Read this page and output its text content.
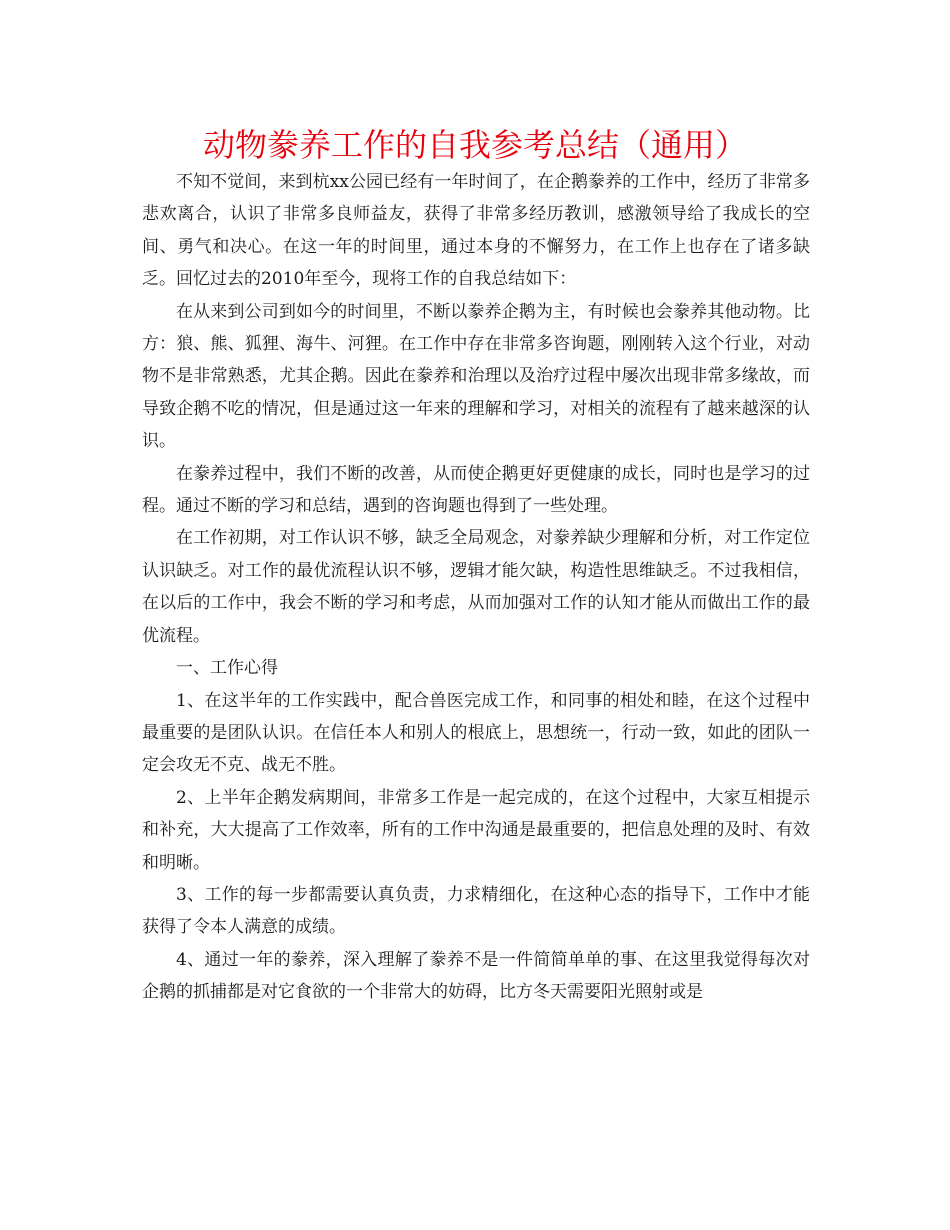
动物豢养工作的自我参考总结（通用）

不知不觉间，来到杭xx公园已经有一年时间了，在企鹅豢养的工作中，经历了非常多悲欢离合，认识了非常多良师益友，获得了非常多经历教训，感激领导给了我成长的空间、勇气和决心。在这一年的时间里，通过本身的不懈努力，在工作上也存在了诸多缺乏。回忆过去的2010年至今，现将工作的自我总结如下：

在从来到公司到如今的时间里，不断以豢养企鹅为主，有时候也会豢养其他动物。比方：狼、熊、狐狸、海牛、河狸。在工作中存在非常多咨询题，刚刚转入这个行业，对动物不是非常熟悉，尤其企鹅。因此在豢养和治理以及治疗过程中屡次出现非常多缘故，而导致企鹅不吃的情况，但是通过这一年来的理解和学习，对相关的流程有了越来越深的认识。

在豢养过程中，我们不断的改善，从而使企鹅更好更健康的成长，同时也是学习的过程。通过不断的学习和总结，遇到的咨询题也得到了一些处理。

在工作初期，对工作认识不够，缺乏全局观念，对豢养缺少理解和分析，对工作定位认识缺乏。对工作的最优流程认识不够，逻辑才能欠缺，构造性思维缺乏。不过我相信，在以后的工作中，我会不断的学习和考虑，从而加强对工作的认知才能从而做出工作的最优流程。

一、工作心得

1、在这半年的工作实践中，配合兽医完成工作，和同事的相处和睦，在这个过程中最重要的是团队认识。在信任本人和别人的根底上，思想统一，行动一致，如此的团队一定会攻无不克、战无不胜。

2、上半年企鹅发病期间，非常多工作是一起完成的，在这个过程中，大家互相提示和补充，大大提高了工作效率，所有的工作中沟通是最重要的，把信息处理的及时、有效和明晰。

3、工作的每一步都需要认真负责，力求精细化，在这种心态的指导下，工作中才能获得了令本人满意的成绩。

4、通过一年的豢养，深入理解了豢养不是一件简简单单的事、在这里我觉得每次对企鹅的抓捕都是对它食欲的一个非常大的妨碍，比方冬天需要阳光照射或是
